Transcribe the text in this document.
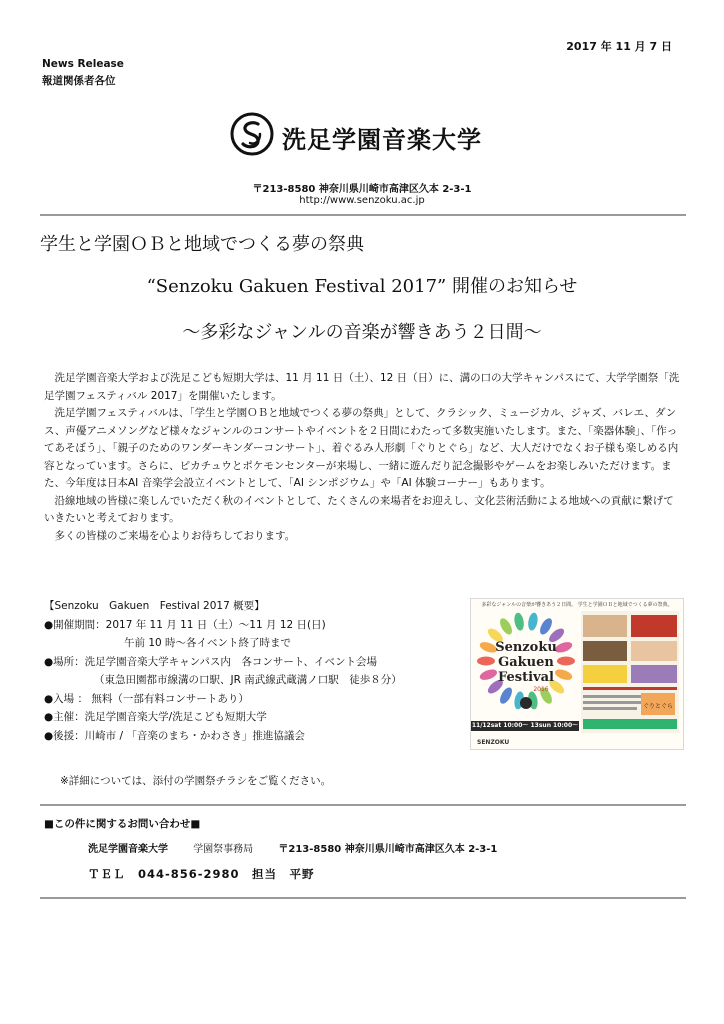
2017 年 11 月 7 日
News Release
報道関係者各位
洗足学園音楽大学
〒213-8580 神奈川県川崎市高津区久本 2-3-1
http://www.senzoku.ac.jp
学生と学園ＯＢと地域でつくる夢の祭典
“Senzoku Gakuen Festival 2017” 開催のお知らせ
～多彩なジャンルの音楽が響きあう２日間～

　洗足学園音楽大学および洗足こども短期大学は、11 月 11 日（土）、12 日（日）に、溝の口の大学キャンパスにて、大学学園祭「洗足学園フェスティバル 2017」を開催いたします。

　洗足学園フェスティバルは、「学生と学園ＯＢと地域でつくる夢の祭典」として、クラシック、ミュージカル、ジャズ、バレエ、ダンス、声優アニメソングなど様々なジャンルのコンサートやイベントを２日間にわたって多数実施いたします。また、「楽器体験」、「作ってあそぼう」、「親子のためのワンダーキンダーコンサート」、着ぐるみ人形劇「ぐりとぐら」など、大人だけでなくお子様も楽しめる内容となっています。さらに、ピカチュウとポケモンセンターが来場し、一緒に遊んだり記念撮影やゲームをお楽しみいただけます。また、今年度は日本AI 音楽学会設立イベントとして、「AI シンポジウム」や「AI 体験コーナー」もあります。

　沿線地域の皆様に楽しんでいただく秋のイベントとして、たくさんの来場者をお迎えし、文化芸術活動による地域への貢献に繋げていきたいと考えております。

　多くの皆様のご来場を心よりお待ちしております。

【Senzoku　Gakuen　Festival 2017 概要】
●開催期間：2017 年 11 月 11 日（土）～11 月 12 日(日)
午前 10 時～各イベント終了時まで
●場所：洗足学園音楽大学キャンパス内　各コンサート、イベント会場
（東急田園都市線溝の口駅、JR 南武線武蔵溝ノ口駅　徒歩８分）
●入場 ： 無料（一部有料コンサートあり）
●主催：洗足学園音楽大学/洗足こども短期大学
●後援：川崎市 / 「音楽のまち・かわさき」推進協議会
多彩なジャンルの音楽が響きあう２日間。 学生と学園ＯＢと地域でつくる夢の祭典。
Senzoku
Gakuen
Festival
2016
11/12sat 10:00～ 13sun 10:00～
ぐりとぐら
SENZOKU
※詳細については、添付の学園祭チラシをご覧ください。
■この件に関するお問い合わせ■
洗足学園音楽大学	学園祭事務局	〒213-8580 神奈川県川崎市高津区久本 2-3-1
ＴＥＬ　044-856-2980　担当　平野
